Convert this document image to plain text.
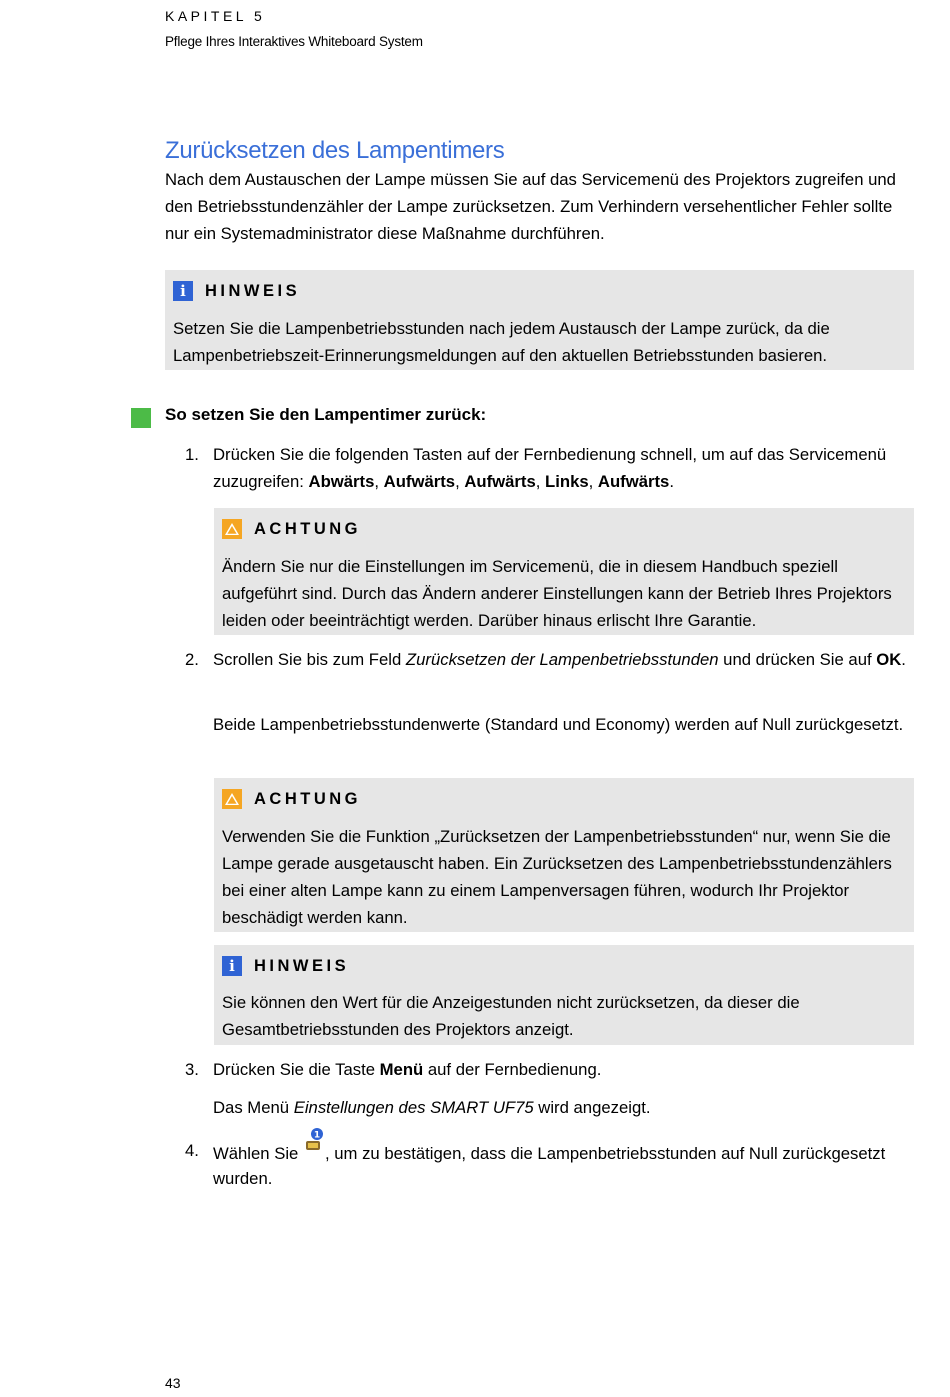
KAPITEL 5
Pflege Ihres Interaktives Whiteboard System
Zurücksetzen des Lampentimers
Nach dem Austauschen der Lampe müssen Sie auf das Servicemenü des Projektors zugreifen und den Betriebsstundenzähler der Lampe zurücksetzen. Zum Verhindern versehentlicher Fehler sollte nur ein Systemadministrator diese Maßnahme durchführen.
i	HINWEIS
Setzen Sie die Lampenbetriebsstunden nach jedem Austausch der Lampe zurück, da die Lampenbetriebszeit-Erinnerungsmeldungen auf den aktuellen Betriebsstunden basieren.
So setzen Sie den Lampentimer zurück:
1. Drücken Sie die folgenden Tasten auf der Fernbedienung schnell, um auf das Servicemenü zuzugreifen: Abwärts, Aufwärts, Aufwärts, Links, Aufwärts.
ACHTUNG
Ändern Sie nur die Einstellungen im Servicemenü, die in diesem Handbuch speziell aufgeführt sind. Durch das Ändern anderer Einstellungen kann der Betrieb Ihres Projektors leiden oder beeinträchtigt werden. Darüber hinaus erlischt Ihre Garantie.
2. Scrollen Sie bis zum Feld Zurücksetzen der Lampenbetriebsstunden und drücken Sie auf OK.
Beide Lampenbetriebsstundenwerte (Standard und Economy) werden auf Null zurückgesetzt.
ACHTUNG
Verwenden Sie die Funktion „Zurücksetzen der Lampenbetriebsstunden“ nur, wenn Sie die Lampe gerade ausgetauscht haben. Ein Zurücksetzen des Lampenbetriebsstundenzählers bei einer alten Lampe kann zu einem Lampenversagen führen, wodurch Ihr Projektor beschädigt werden kann.
i	HINWEIS
Sie können den Wert für die Anzeigestunden nicht zurücksetzen, da dieser die Gesamtbetriebsstunden des Projektors anzeigt.
3. Drücken Sie die Taste Menü auf der Fernbedienung.
Das Menü Einstellungen des SMART UF75 wird angezeigt.
4. Wählen Sie
1
, um zu bestätigen, dass die Lampenbetriebsstunden auf Null zurückgesetzt wurden.
43
